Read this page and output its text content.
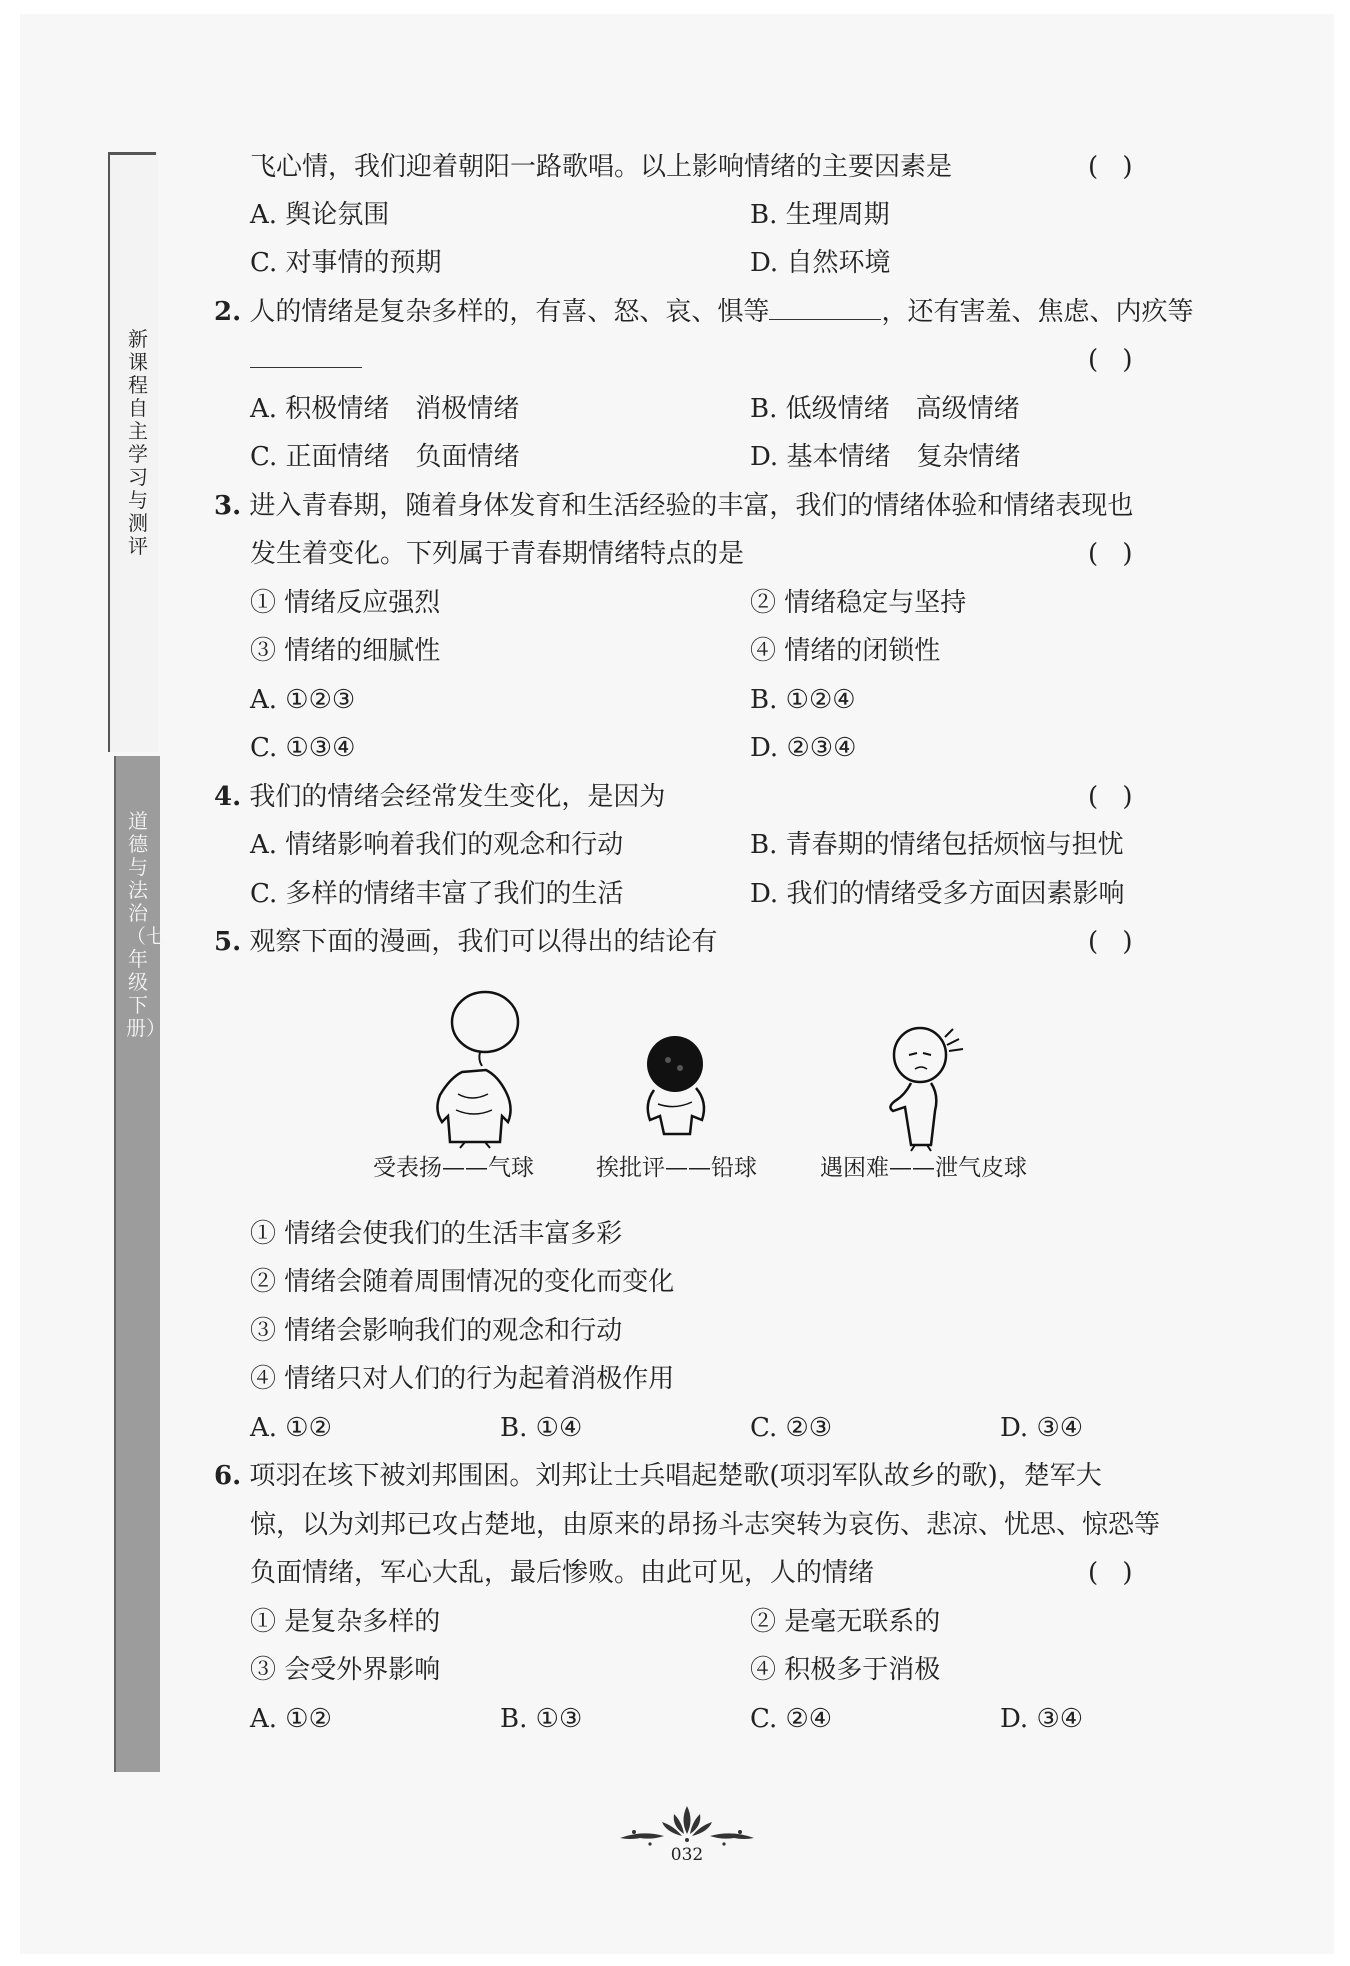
新课程自主学习与测评
道德与法治（七年级下册）
飞心情，我们迎着朝阳一路歌唱。以上影响情绪的主要因素是	( )
A. 舆论氛围	B. 生理周期
C. 对事情的预期	D. 自然环境
2. 人的情绪是复杂多样的，有喜、怒、哀、惧等	，还有害羞、焦虑、内疚等
( )
A. 积极情绪　消极情绪	B. 低级情绪　高级情绪
C. 正面情绪　负面情绪	D. 基本情绪　复杂情绪
3. 进入青春期，随着身体发育和生活经验的丰富，我们的情绪体验和情绪表现也
发生着变化。下列属于青春期情绪特点的是	( )
① 情绪反应强烈	② 情绪稳定与坚持
③ 情绪的细腻性	④ 情绪的闭锁性
A. ①②③	B. ①②④
C. ①③④	D. ②③④
4. 我们的情绪会经常发生变化，是因为	( )
A. 情绪影响着我们的观念和行动	B. 青春期的情绪包括烦恼与担忧
C. 多样的情绪丰富了我们的生活	D. 我们的情绪受多方面因素影响
5. 观察下面的漫画，我们可以得出的结论有	( )
受表扬——气球	挨批评——铅球	遇困难——泄气皮球
① 情绪会使我们的生活丰富多彩
② 情绪会随着周围情况的变化而变化
③ 情绪会影响我们的观念和行动
④ 情绪只对人们的行为起着消极作用
A. ①②	B. ①④	C. ②③	D. ③④
6. 项羽在垓下被刘邦围困。刘邦让士兵唱起楚歌(项羽军队故乡的歌)，楚军大
惊，以为刘邦已攻占楚地，由原来的昂扬斗志突转为哀伤、悲凉、忧思、惊恐等
负面情绪，军心大乱，最后惨败。由此可见，人的情绪	( )
① 是复杂多样的	② 是毫无联系的
③ 会受外界影响	④ 积极多于消极
A. ①②	B. ①③	C. ②④	D. ③④
032
